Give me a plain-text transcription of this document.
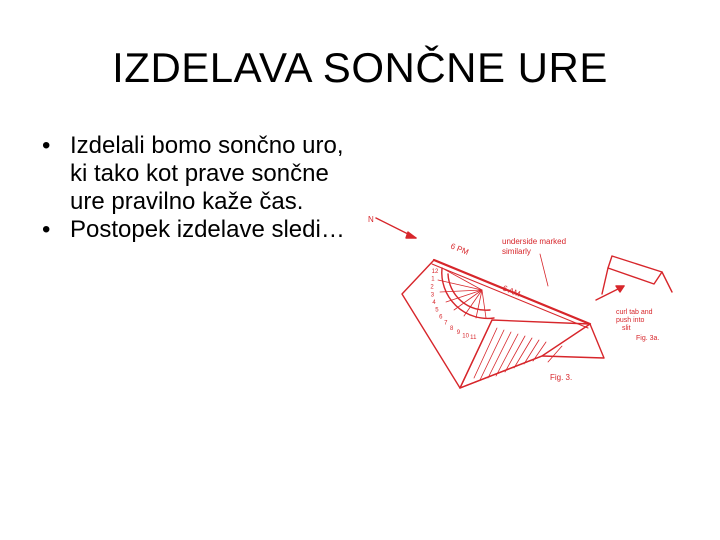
IZDELAVA SONČNE URE
• Izdelali bomo sončno uro, ki tako kot prave sončne ure pravilno kaže čas.
• Postopek izdelave sledi…	N
underside marked
similarly
curl tab and
push into
slit
Fig. 3a.
Fig. 3.
6 PM
6 AM
12
1
2
3
4
5
6
7
8
9
10 11
